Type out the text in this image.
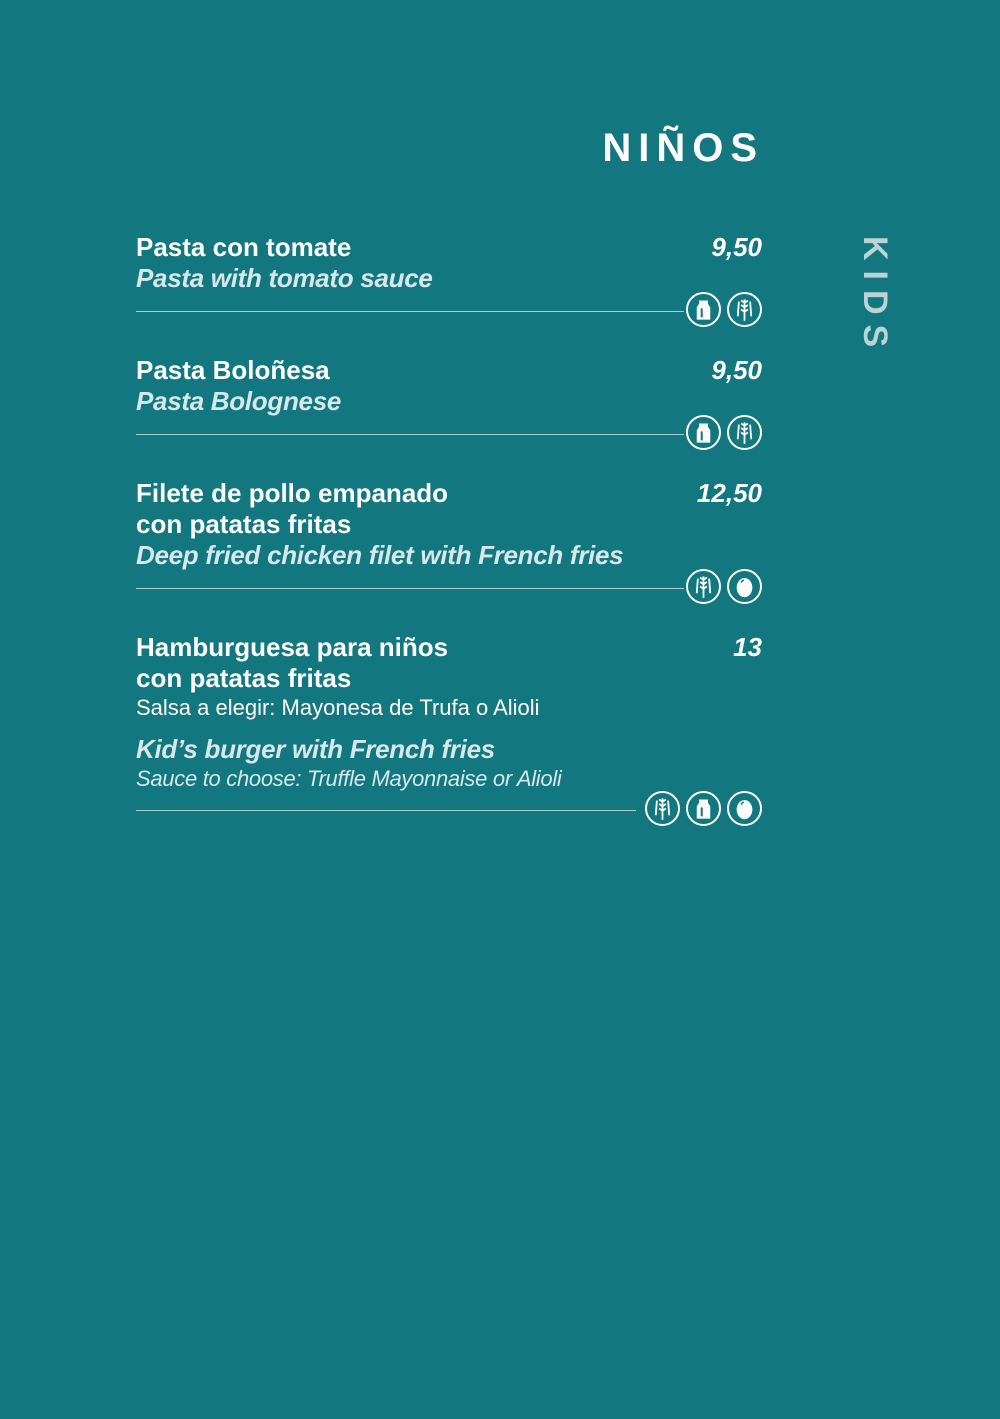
NIÑOS
KIDS

Pasta con tomate	9,50

Pasta with tomato sauce

Pasta Boloñesa	9,50

Pasta Bolognese

Filete de pollo empanado

con patatas fritas

12,50

Deep fried chicken filet with French fries

Hamburguesa para niños

con patatas fritas

13

Salsa a elegir: Mayonesa de Trufa o Alioli

Kid’s burger with French fries

Sauce to choose: Truffle Mayonnaise or Alioli
